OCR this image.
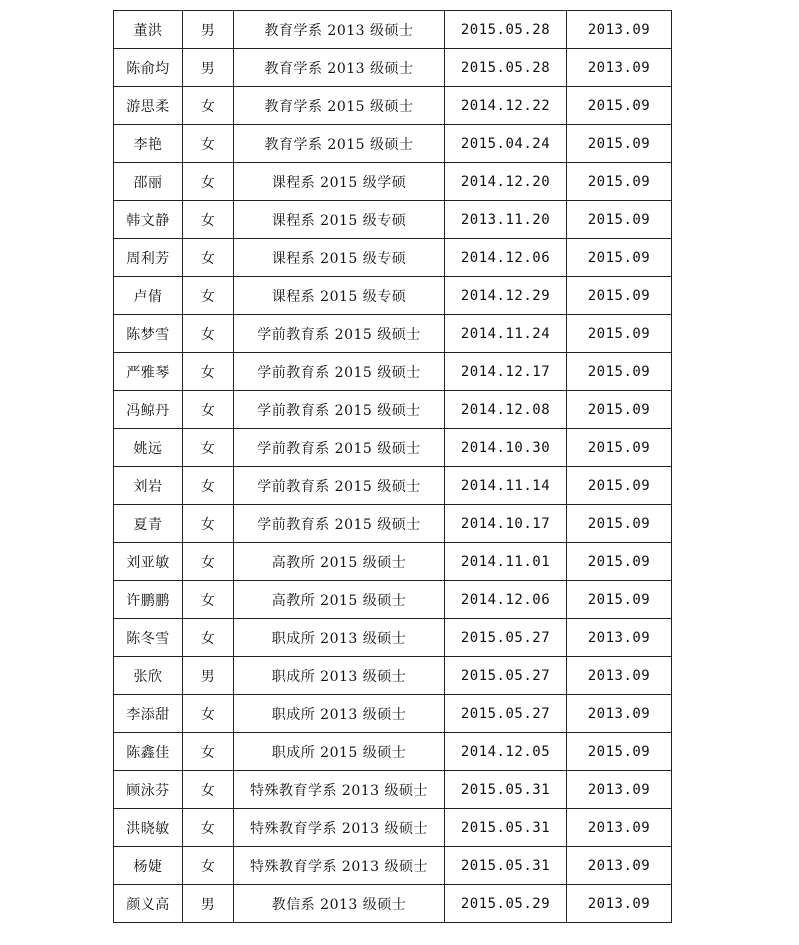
董洪	男	教育学系 2013 级硕士	2015.05.28	2013.09
陈俞均	男	教育学系 2013 级硕士	2015.05.28	2013.09
游思柔	女	教育学系 2015 级硕士	2014.12.22	2015.09
李艳	女	教育学系 2015 级硕士	2015.04.24	2015.09
邵丽	女	课程系 2015 级学硕	2014.12.20	2015.09
韩文静	女	课程系 2015 级专硕	2013.11.20	2015.09
周利芳	女	课程系 2015 级专硕	2014.12.06	2015.09
卢倩	女	课程系 2015 级专硕	2014.12.29	2015.09
陈梦雪	女	学前教育系 2015 级硕士	2014.11.24	2015.09
严雅琴	女	学前教育系 2015 级硕士	2014.12.17	2015.09
冯鲸丹	女	学前教育系 2015 级硕士	2014.12.08	2015.09
姚远	女	学前教育系 2015 级硕士	2014.10.30	2015.09
刘岩	女	学前教育系 2015 级硕士	2014.11.14	2015.09
夏青	女	学前教育系 2015 级硕士	2014.10.17	2015.09
刘亚敏	女	高教所 2015 级硕士	2014.11.01	2015.09
许鹏鹏	女	高教所 2015 级硕士	2014.12.06	2015.09
陈冬雪	女	职成所 2013 级硕士	2015.05.27	2013.09
张欣	男	职成所 2013 级硕士	2015.05.27	2013.09
李添甜	女	职成所 2013 级硕士	2015.05.27	2013.09
陈鑫佳	女	职成所 2015 级硕士	2014.12.05	2015.09
顾泳芬	女	特殊教育学系 2013 级硕士	2015.05.31	2013.09
洪晓敏	女	特殊教育学系 2013 级硕士	2015.05.31	2013.09
杨婕	女	特殊教育学系 2013 级硕士	2015.05.31	2013.09
颜义高	男	教信系 2013 级硕士	2015.05.29	2013.09
